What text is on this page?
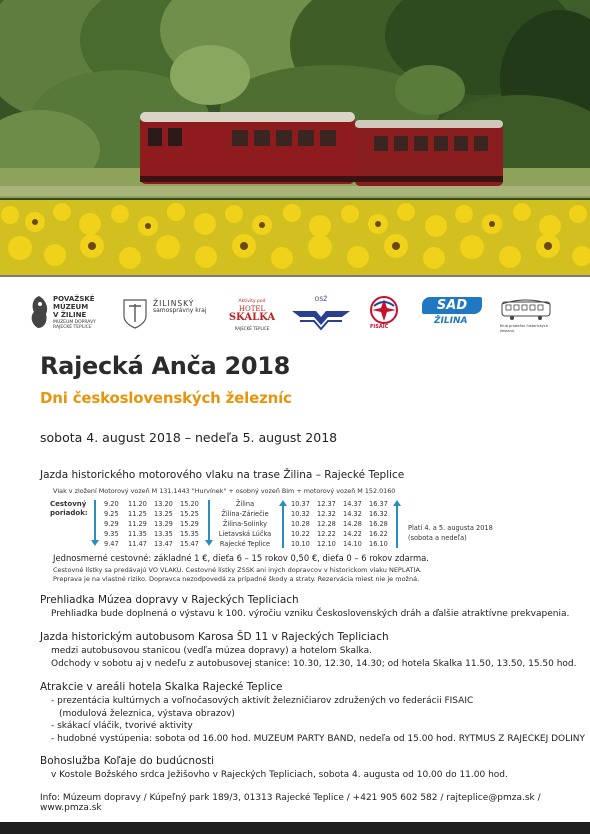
POVAŽSKÉ
MÚZEUM
V ŽILINE
MÚZEUM DOPRAVY
RAJECKÉ TEPLICE
ŽILINSKÝ
samosprávny kraj
Aktivity pod
HOTEL
SKALKA
RAJECKÉ TEPLICE
OSŽ
FISAIC
SAD
ŽILINA	Klub priateľov historických železníc
Rajecká Anča 2018
Dni československých železníc
sobota 4. august 2018 – nedeľa 5. august 2018
Jazda historického motorového vlaku na trase Žilina – Rajecké Teplice
Vlak v zložení Motorový vozeň M 131.1443 "Hurvínek" + osobný vozeň Blm + motorový vozeň M 152.0160
Cestovný
poriadok:
9.20
9.25
9.29
9.35
9.47
11.20
11.25
11.29
11.35
11.47
13.20
13.25
13.29
13.35
13.47
15.20
15.25
15.29
15.35
15.47
Žilina
Žilina-Záriečie
Žilina-Solinky
Lietavská Lúčka
Rajecké Teplice
10.37
10.32
10.28
10.22
10.10
12.37
12.32
12.28
12.22
12.10
14.37
14.32
14.28
14.22
14.10
16.37
16.32
16.28
16.22
16.10
Platí 4. a 5. augusta 2018
(sobota a nedeľa)
Jednosmerné cestovné: základné 1 €, dieťa 6 – 15 rokov 0,50 €, dieťa 0 – 6 rokov zdarma.
Cestovné lístky sa predávajú VO VLAKU. Cestovné lístky ZSSK ani iných dopravcov v historickom vlaku NEPLATIA.
Preprava je na vlastné riziko. Dopravca nezodpovedá za prípadné škody a straty. Rezervácia miest nie je možná.
Prehliadka Múzea dopravy v Rajeckých Tepliciach
Prehliadka bude doplnená o výstavu k 100. výročiu vzniku Československých dráh a ďalšie atraktívne prekvapenia.
Jazda historickým autobusom Karosa ŠD 11 v Rajeckých Tepliciach
medzi autobusovou stanicou (vedľa múzea dopravy) a hotelom Skalka.
Odchody v sobotu aj v nedeľu z autobusovej stanice: 10.30, 12.30, 14.30; od hotela Skalka 11.50, 13.50, 15.50 hod.
Atrakcie v areáli hotela Skalka Rajecké Teplice
- prezentácia kultúrnych a voľnočasových aktivít železničiarov združených vo federácii FISAIC
(modulová železnica, výstava obrazov)
- skákací vláčik, tvorivé aktivity
- hudobné vystúpenia: sobota od 16.00 hod. MUZEUM PARTY BAND, nedeľa od 15.00 hod. RYTMUS Z RAJECKEJ DOLINY
Bohoslužba Koľaje do budúcnosti
v Kostole Božského srdca Ježišovho v Rajeckých Tepliciach, sobota 4. augusta od 10.00 do 11.00 hod.
Info: Múzeum dopravy / Kúpeľný park 189/3, 01313 Rajecké Teplice / +421 905 602 582 / rajteplice@pmza.sk / www.pmza.sk
